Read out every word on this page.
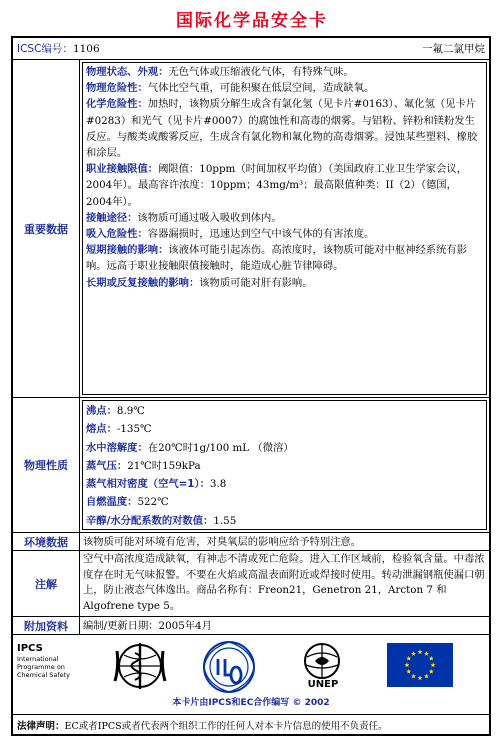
国际化学品安全卡
ICSC编号：1106	一氟二氯甲烷
重要数据
物理状态、外观：无色气体或压缩液化气体，有特殊气味。
物理危险性：气体比空气重，可能积聚在低层空间，造成缺氧。
化学危险性：加热时，该物质分解生成含有氯化氢（见卡片#0163）、氟化氢（见卡片#0283）和光气（见卡片#0007）的腐蚀性和高毒的烟雾。与铝粉、锌粉和镁粉发生反应。与酸类或酸雾反应，生成含有氯化物和氟化物的高毒烟雾。浸蚀某些塑料、橡胶和涂层。
职业接触限值：阈限值：10ppm（时间加权平均值）（美国政府工业卫生学家会议，2004年）。最高容许浓度：10ppm；43mg/m³；最高限值种类：II（2）（德国，2004年）。
接触途径：该物质可通过吸入吸收到体内。
吸入危险性：容器漏损时，迅速达到空气中该气体的有害浓度。
短期接触的影响：该液体可能引起冻伤。高浓度时，该物质可能对中枢神经系统有影响。远高于职业接触限值接触时，能造成心脏节律障碍。
长期或反复接触的影响：该物质可能对肝有影响。
物理性质
沸点：8.9℃
熔点：-135℃
水中溶解度：在20℃时1g/100 mL （微溶）
蒸气压：21℃时159kPa
蒸气相对密度（空气=1）：3.8
自燃温度：522℃
辛醇/水分配系数的对数值：1.55
环境数据	该物质可能对环境有危害，对臭氧层的影响应给予特别注意。
注解
空气中高浓度造成缺氧，有神志不清或死亡危险。进入工作区域前，检验氧含量。中毒浓度存在时无气味报警。不要在火焰或高温表面附近或焊接时使用。转动泄漏钢瓶使漏口朝上，防止液态气体逸出。商品名称有：Freon21，Genetron 21，Arcton 7 和 Algofrene type 5。
附加资料	编制/更新日期：2005年4月
IPCS
International
Programme on
Chemical Safety
UNEP
本卡片由IPCS和EC合作编写 © 2002
法律声明：EC或者IPCS或者代表两个组织工作的任何人对本卡片信息的使用不负责任。
